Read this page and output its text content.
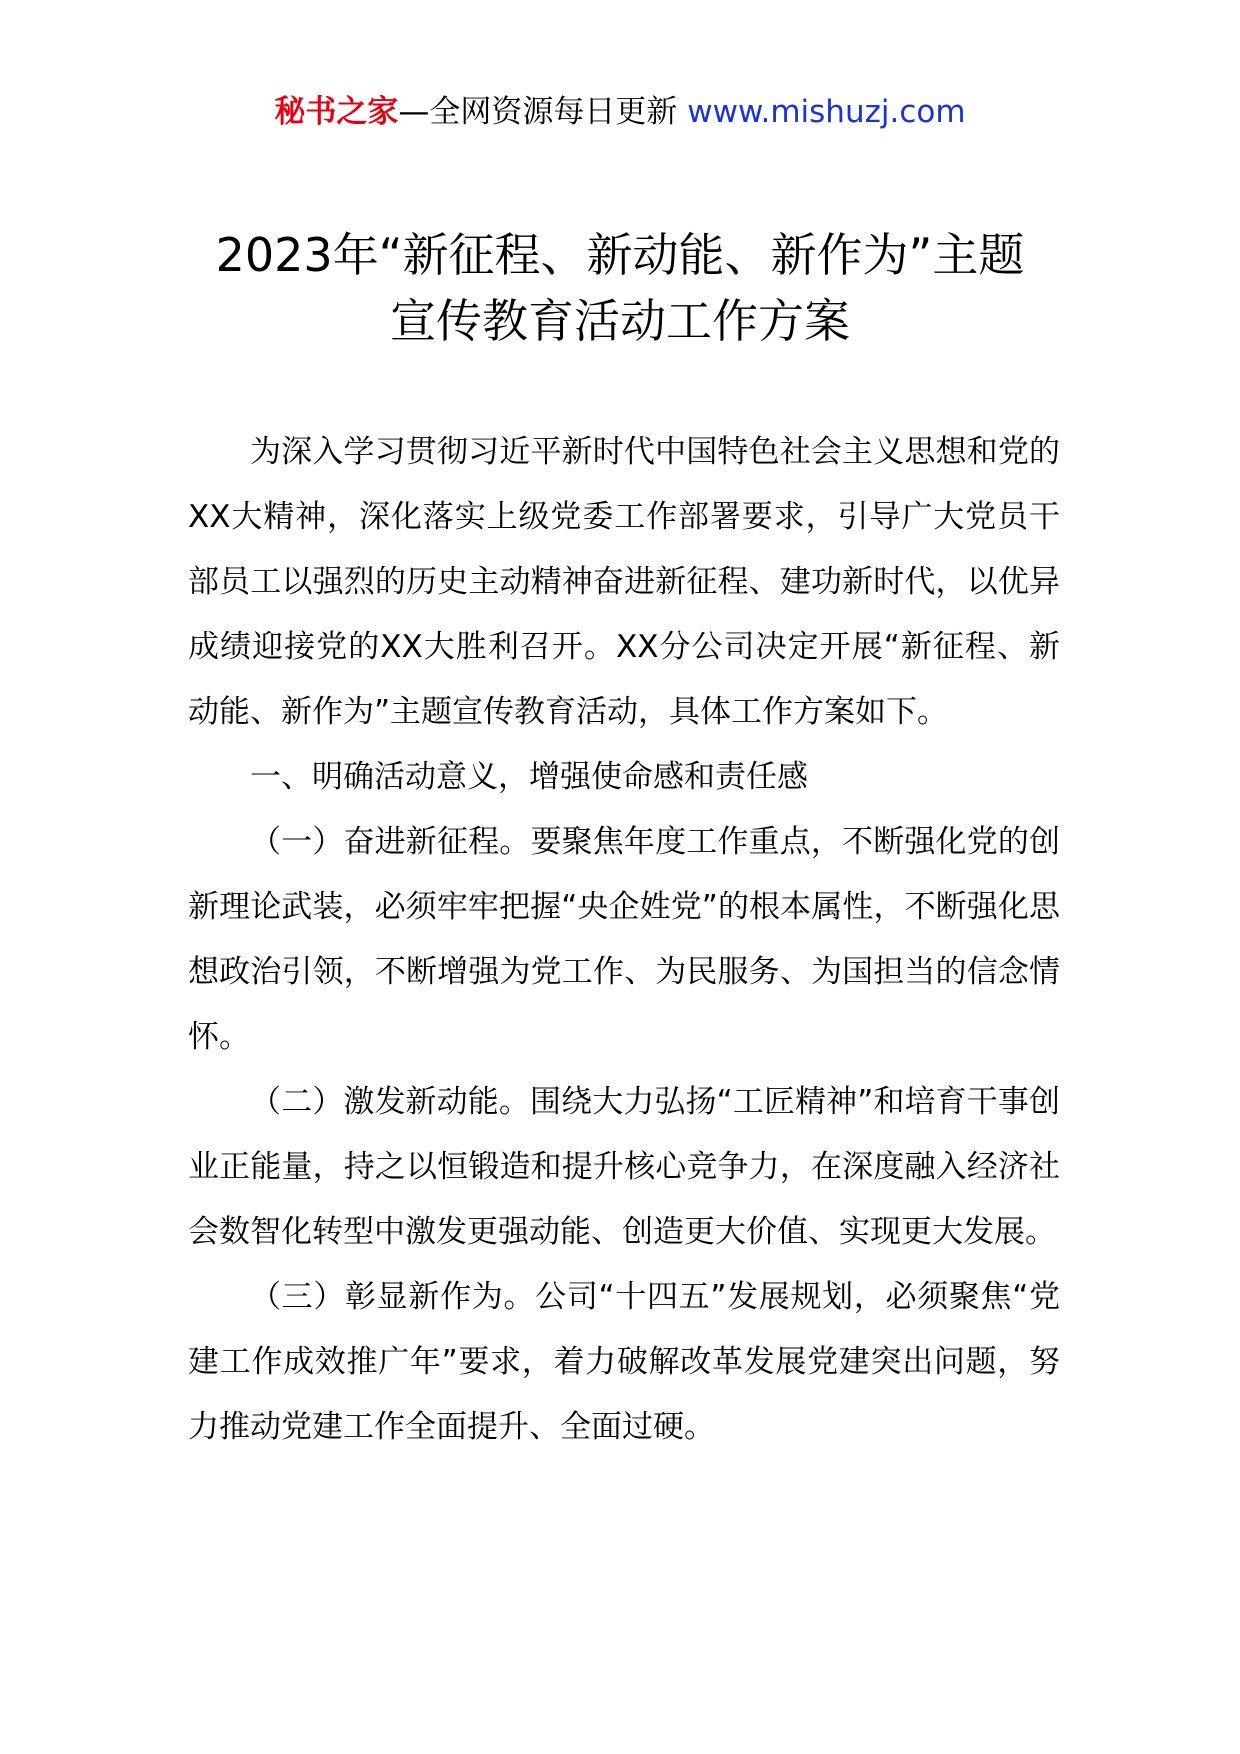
秘书之家—全网资源每日更新 www.mishuzj.com
2023年“新征程、新动能、新作为”主题
宣传教育活动工作方案

为深入学习贯彻习近平新时代中国特色社会主义思想和党的XX大精神，深化落实上级党委工作部署要求，引导广大党员干部员工以强烈的历史主动精神奋进新征程、建功新时代，以优异成绩迎接党的XX大胜利召开。XX分公司决定开展“新征程、新动能、新作为”主题宣传教育活动，具体工作方案如下。

一、明确活动意义，增强使命感和责任感

（一）奋进新征程。要聚焦年度工作重点，不断强化党的创新理论武装，必须牢牢把握“央企姓党”的根本属性，不断强化思想政治引领，不断增强为党工作、为民服务、为国担当的信念情怀。

（二）激发新动能。围绕大力弘扬“工匠精神”和培育干事创业正能量，持之以恒锻造和提升核心竞争力，在深度融入经济社会数智化转型中激发更强动能、创造更大价值、实现更大发展。

（三）彰显新作为。公司“十四五”发展规划，必须聚焦“党建工作成效推广年”要求，着力破解改革发展党建突出问题，努力推动党建工作全面提升、全面过硬。
